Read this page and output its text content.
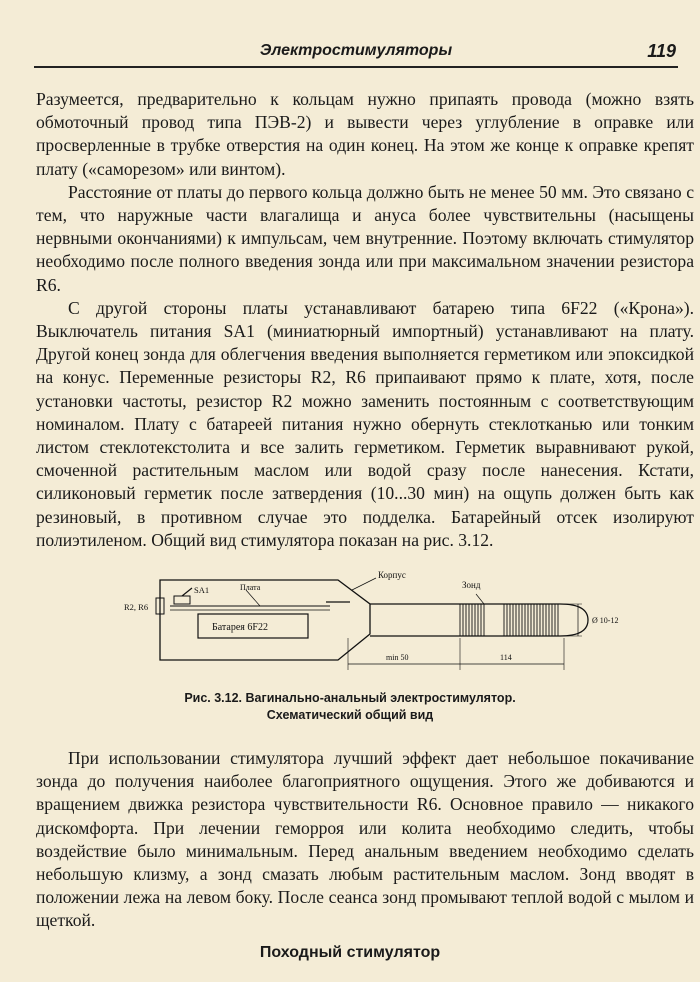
Электростимуляторы	119

Разумеется, предварительно к кольцам нужно припаять провода (можно взять обмоточный провод типа ПЭВ-2) и вывести через углубление в оправке или просверленные в трубке отверстия на один конец. На этом же конце к оправке крепят плату («саморезом» или винтом).

Расстояние от платы до первого кольца должно быть не менее 50 мм. Это связано с тем, что наружные части влагалища и ануса более чувствительны (насыщены нервными окончаниями) к импульсам, чем внутренние. Поэтому включать стимулятор необходимо после полного введения зонда или при максимальном значении резистора R6.

С другой стороны платы устанавливают батарею типа 6F22 («Крона»). Выключатель питания SA1 (миниатюрный импортный) устанавливают на плату. Другой конец зонда для облегчения введения выполняется герметиком или эпоксидкой на конус. Переменные резисторы R2, R6 припаивают прямо к плате, хотя, после установки частоты, резистор R2 можно заменить постоянным с соответствующим номиналом. Плату с батареей питания нужно обернуть стеклотканью или тонким листом стеклотекстолита и все залить герметиком. Герметик выравнивают рукой, смоченной растительным маслом или водой сразу после нанесения. Кстати, силиконовый герметик после затвердения (10...30 мин) на ощупь должен быть как резиновый, в противном случае это подделка. Батарейный отсек изолируют полиэтиленом. Общий вид стимулятора показан на рис. 3.12.

Корпус
Зонд
SA1	Плата
R2, R6
Батарея 6F22
min 50	114
Ø 10-12
Рис. 3.12. Вагинально-анальный электростимулятор.
Схематический общий вид

При использовании стимулятора лучший эффект дает небольшое покачивание зонда до получения наиболее благоприятного ощущения. Этого же добиваются и вращением движка резистора чувствительности R6. Основное правило — никакого дискомфорта. При лечении геморроя или колита необходимо следить, чтобы воздействие было минимальным. Перед анальным введением необходимо сделать небольшую клизму, а зонд смазать любым растительным маслом. Зонд вводят в положении лежа на левом боку. После сеанса зонд промывают теплой водой с мылом и щеткой.

Походный стимулятор
